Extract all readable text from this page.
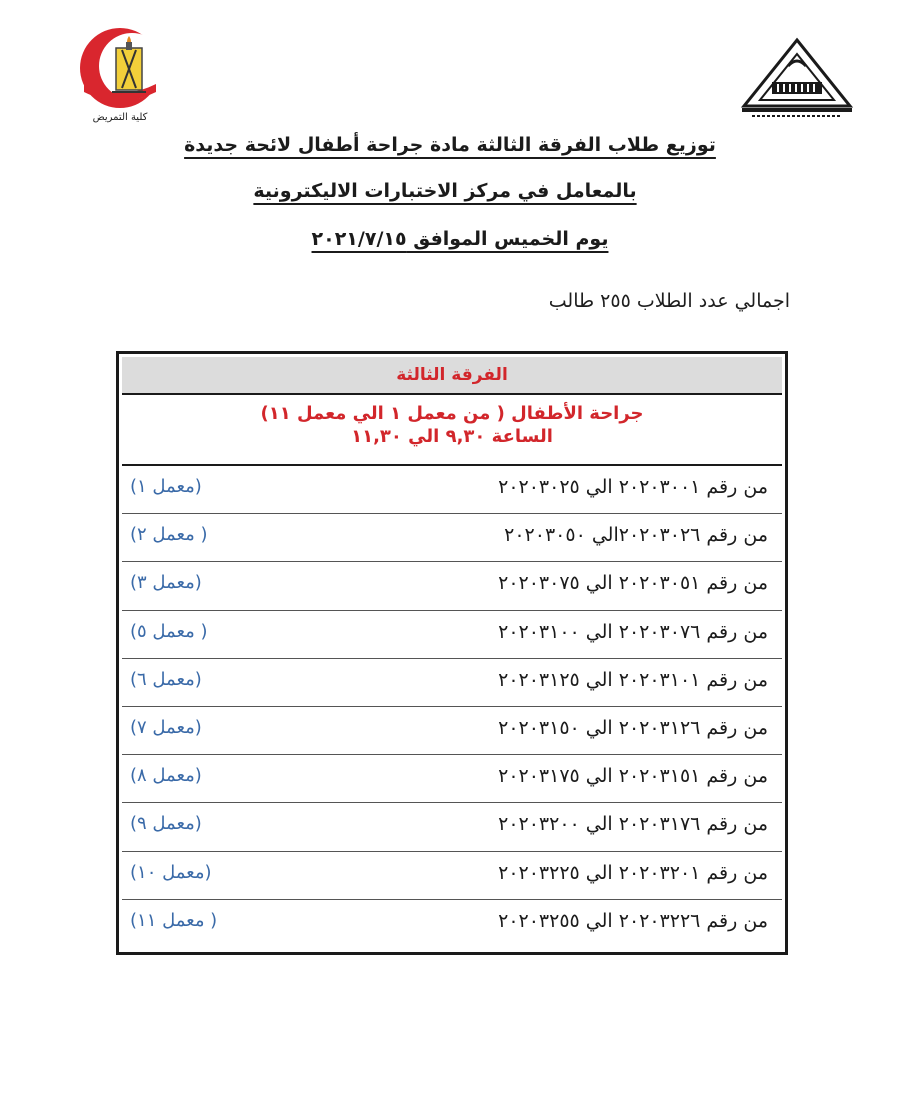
كلية التمريض
توزيع طلاب الفرقة الثالثة مادة جراحة أطفال لائحة جديدة
بالمعامل في مركز الاختبارات الاليكترونية
يوم الخميس الموافق ٢٠٢١/٧/١٥
اجمالي عدد الطلاب ٢٥٥ طالب
الفرقة الثالثة
جراحة الأطفال ( من معمل ١ الي معمل ١١)
الساعة ٩,٣٠ الي ١١,٣٠
من رقم ٢٠٢٠٣٠٠١ الي ٢٠٢٠٣٠٢٥
(معمل ١)
من رقم ٢٠٢٠٣٠٢٦الي ٢٠٢٠٣٠٥٠
( معمل ٢)
من رقم ٢٠٢٠٣٠٥١ الي ٢٠٢٠٣٠٧٥
(معمل ٣)
من رقم ٢٠٢٠٣٠٧٦ الي ٢٠٢٠٣١٠٠
( معمل ٥)
من رقم ٢٠٢٠٣١٠١ الي ٢٠٢٠٣١٢٥
(معمل ٦)
من رقم ٢٠٢٠٣١٢٦ الي ٢٠٢٠٣١٥٠
(معمل ٧)
من رقم ٢٠٢٠٣١٥١ الي ٢٠٢٠٣١٧٥
(معمل ٨)
من رقم ٢٠٢٠٣١٧٦ الي ٢٠٢٠٣٢٠٠
(معمل ٩)
من رقم ٢٠٢٠٣٢٠١ الي ٢٠٢٠٣٢٢٥
(معمل ١٠)
من رقم ٢٠٢٠٣٢٢٦ الي ٢٠٢٠٣٢٥٥
( معمل ١١)
